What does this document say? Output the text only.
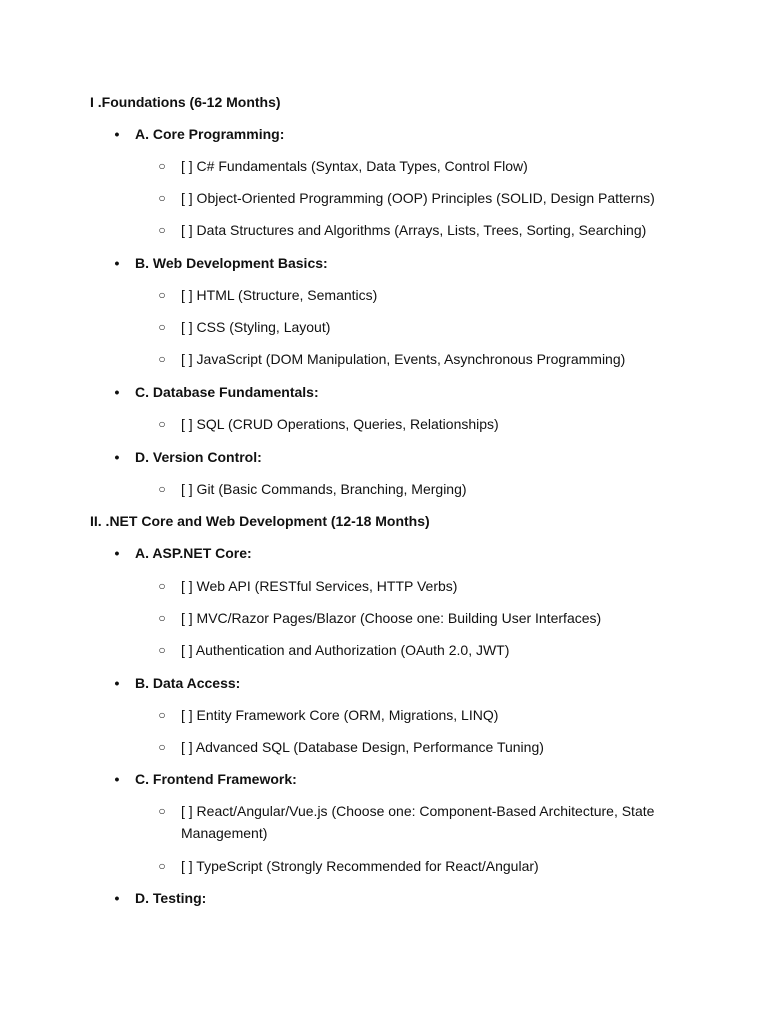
I .Foundations (6-12 Months)
• A. Core Programming:
○ [ ] C# Fundamentals (Syntax, Data Types, Control Flow)
○ [ ] Object-Oriented Programming (OOP) Principles (SOLID, Design Patterns)
○ [ ] Data Structures and Algorithms (Arrays, Lists, Trees, Sorting, Searching)
• B. Web Development Basics:
○ [ ] HTML (Structure, Semantics)
○ [ ] CSS (Styling, Layout)
○ [ ] JavaScript (DOM Manipulation, Events, Asynchronous Programming)
• C. Database Fundamentals:
○ [ ] SQL (CRUD Operations, Queries, Relationships)
• D. Version Control:
○ [ ] Git (Basic Commands, Branching, Merging)
II. .NET Core and Web Development (12-18 Months)
• A. ASP.NET Core:
○ [ ] Web API (RESTful Services, HTTP Verbs)
○ [ ] MVC/Razor Pages/Blazor (Choose one: Building User Interfaces)
○ [ ] Authentication and Authorization (OAuth 2.0, JWT)
• B. Data Access:
○ [ ] Entity Framework Core (ORM, Migrations, LINQ)
○ [ ] Advanced SQL (Database Design, Performance Tuning)
• C. Frontend Framework:
○ [ ] React/Angular/Vue.js (Choose one: Component-Based Architecture, State Management)
○ [ ] TypeScript (Strongly Recommended for React/Angular)
• D. Testing:
